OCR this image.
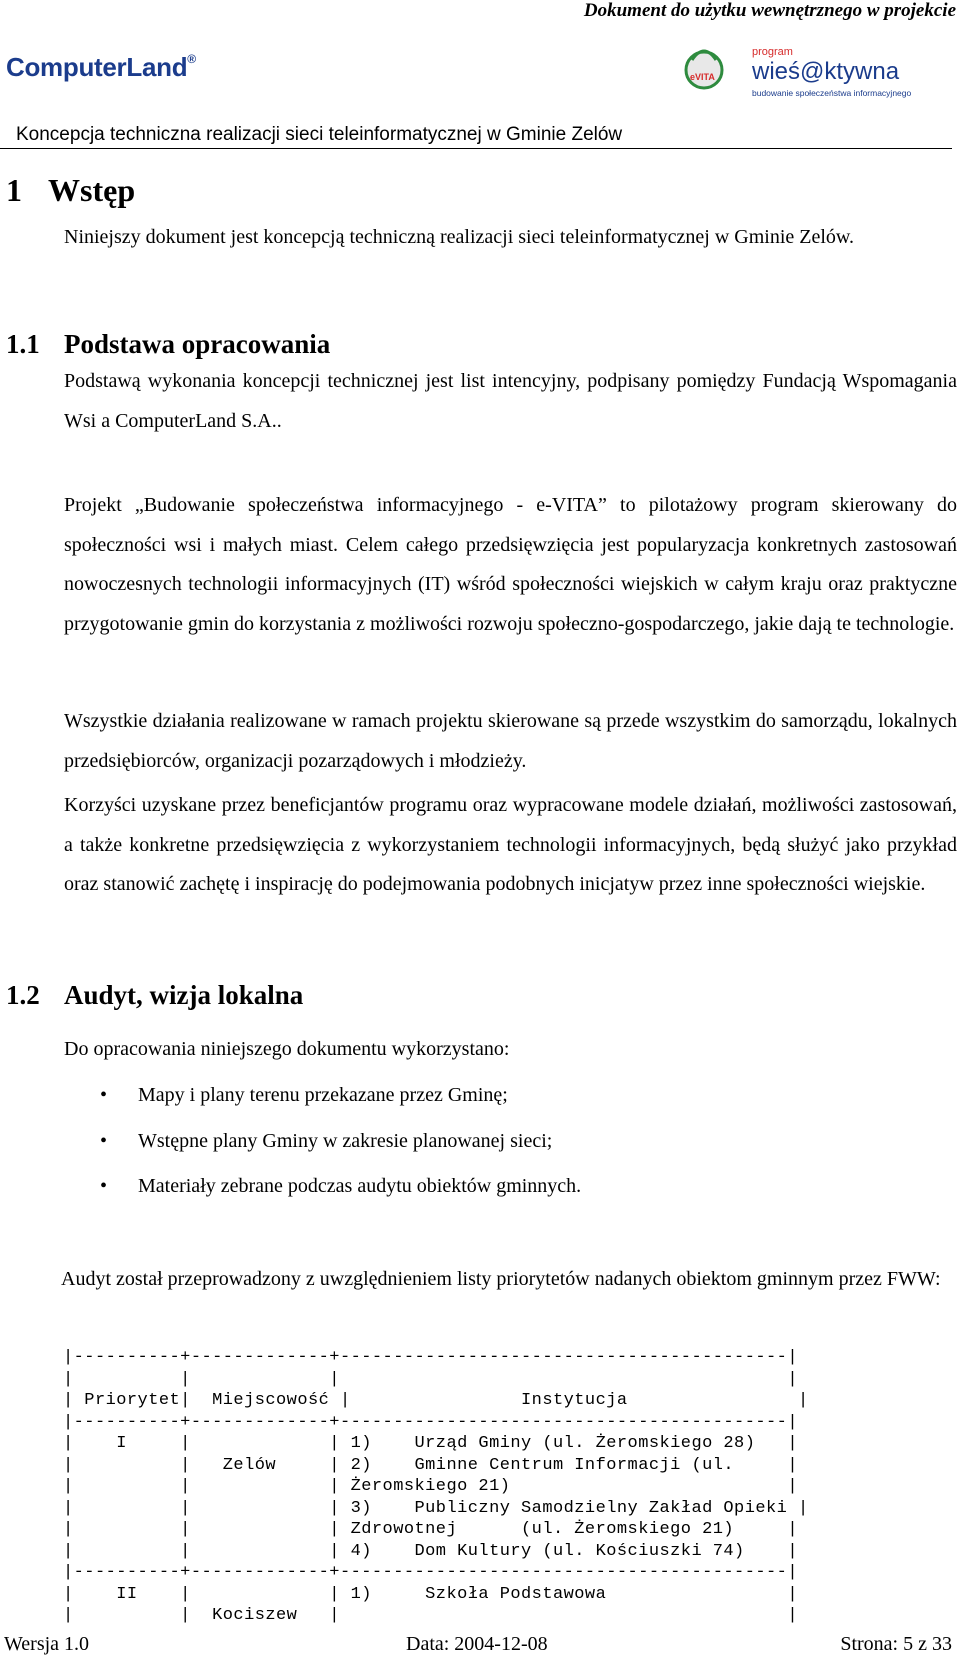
Dokument do użytku wewnętrznego w projekcie
ComputerLand®
eVITA
program
wieś@ktywna
budowanie społeczeństwa informacyjnego
Koncepcja techniczna realizacji sieci teleinformatycznej w Gminie Zelów
1 Wstęp
Niniejszy dokument jest koncepcją techniczną realizacji sieci teleinformatycznej w Gminie Zelów.
1.1 Podstawa opracowania
Podstawą wykonania koncepcji technicznej jest list intencyjny, podpisany pomiędzy Fundacją Wspomagania Wsi a ComputerLand S.A..
Projekt „Budowanie społeczeństwa informacyjnego - e-VITA” to pilotażowy program skierowany do społeczności wsi i małych miast. Celem całego przedsięwzięcia jest popularyzacja konkretnych zastosowań nowoczesnych technologii informacyjnych (IT) wśród społeczności wiejskich w całym kraju oraz praktyczne przygotowanie gmin do korzystania z możliwości rozwoju społeczno-gospodarczego, jakie dają te technologie.
Wszystkie działania realizowane w ramach projektu skierowane są przede wszystkim do samorządu, lokalnych przedsiębiorców, organizacji pozarządowych i młodzieży.
Korzyści uzyskane przez beneficjantów programu oraz wypracowane modele działań, możliwości zastosowań, a także konkretne przedsięwzięcia z wykorzystaniem technologii informacyjnych, będą służyć jako przykład oraz stanowić zachętę i inspirację do podejmowania podobnych inicjatyw przez inne społeczności wiejskie.
1.2 Audyt, wizja lokalna
Do opracowania niniejszego dokumentu wykorzystano:
• Mapy i plany terenu przekazane przez Gminę;
• Wstępne plany Gminy w zakresie planowanej sieci;
• Materiały zebrane podczas audytu obiektów gminnych.
Audyt został przeprowadzony z uwzględnieniem listy priorytetów nadanych obiektom gminnym przez FWW:
|----------+-------------+------------------------------------------|
|          |             |                                          |
| Priorytet|  Miejscowość |                Instytucja                |
|----------+-------------+------------------------------------------|
|    I     |             | 1)    Urząd Gminy (ul. Żeromskiego 28)   |
|          |   Zelów     | 2)    Gminne Centrum Informacji (ul.     |
|          |             | Żeromskiego 21)                          |
|          |             | 3)    Publiczny Samodzielny Zakład Opieki |
|          |             | Zdrowotnej      (ul. Żeromskiego 21)     |
|          |             | 4)    Dom Kultury (ul. Kościuszki 74)    |
|----------+-------------+------------------------------------------|
|    II    |             | 1)     Szkoła Podstawowa                 |
|          |  Kociszew   |                                          |
Wersja 1.0	Data: 2004-12-08	Strona: 5 z 33
